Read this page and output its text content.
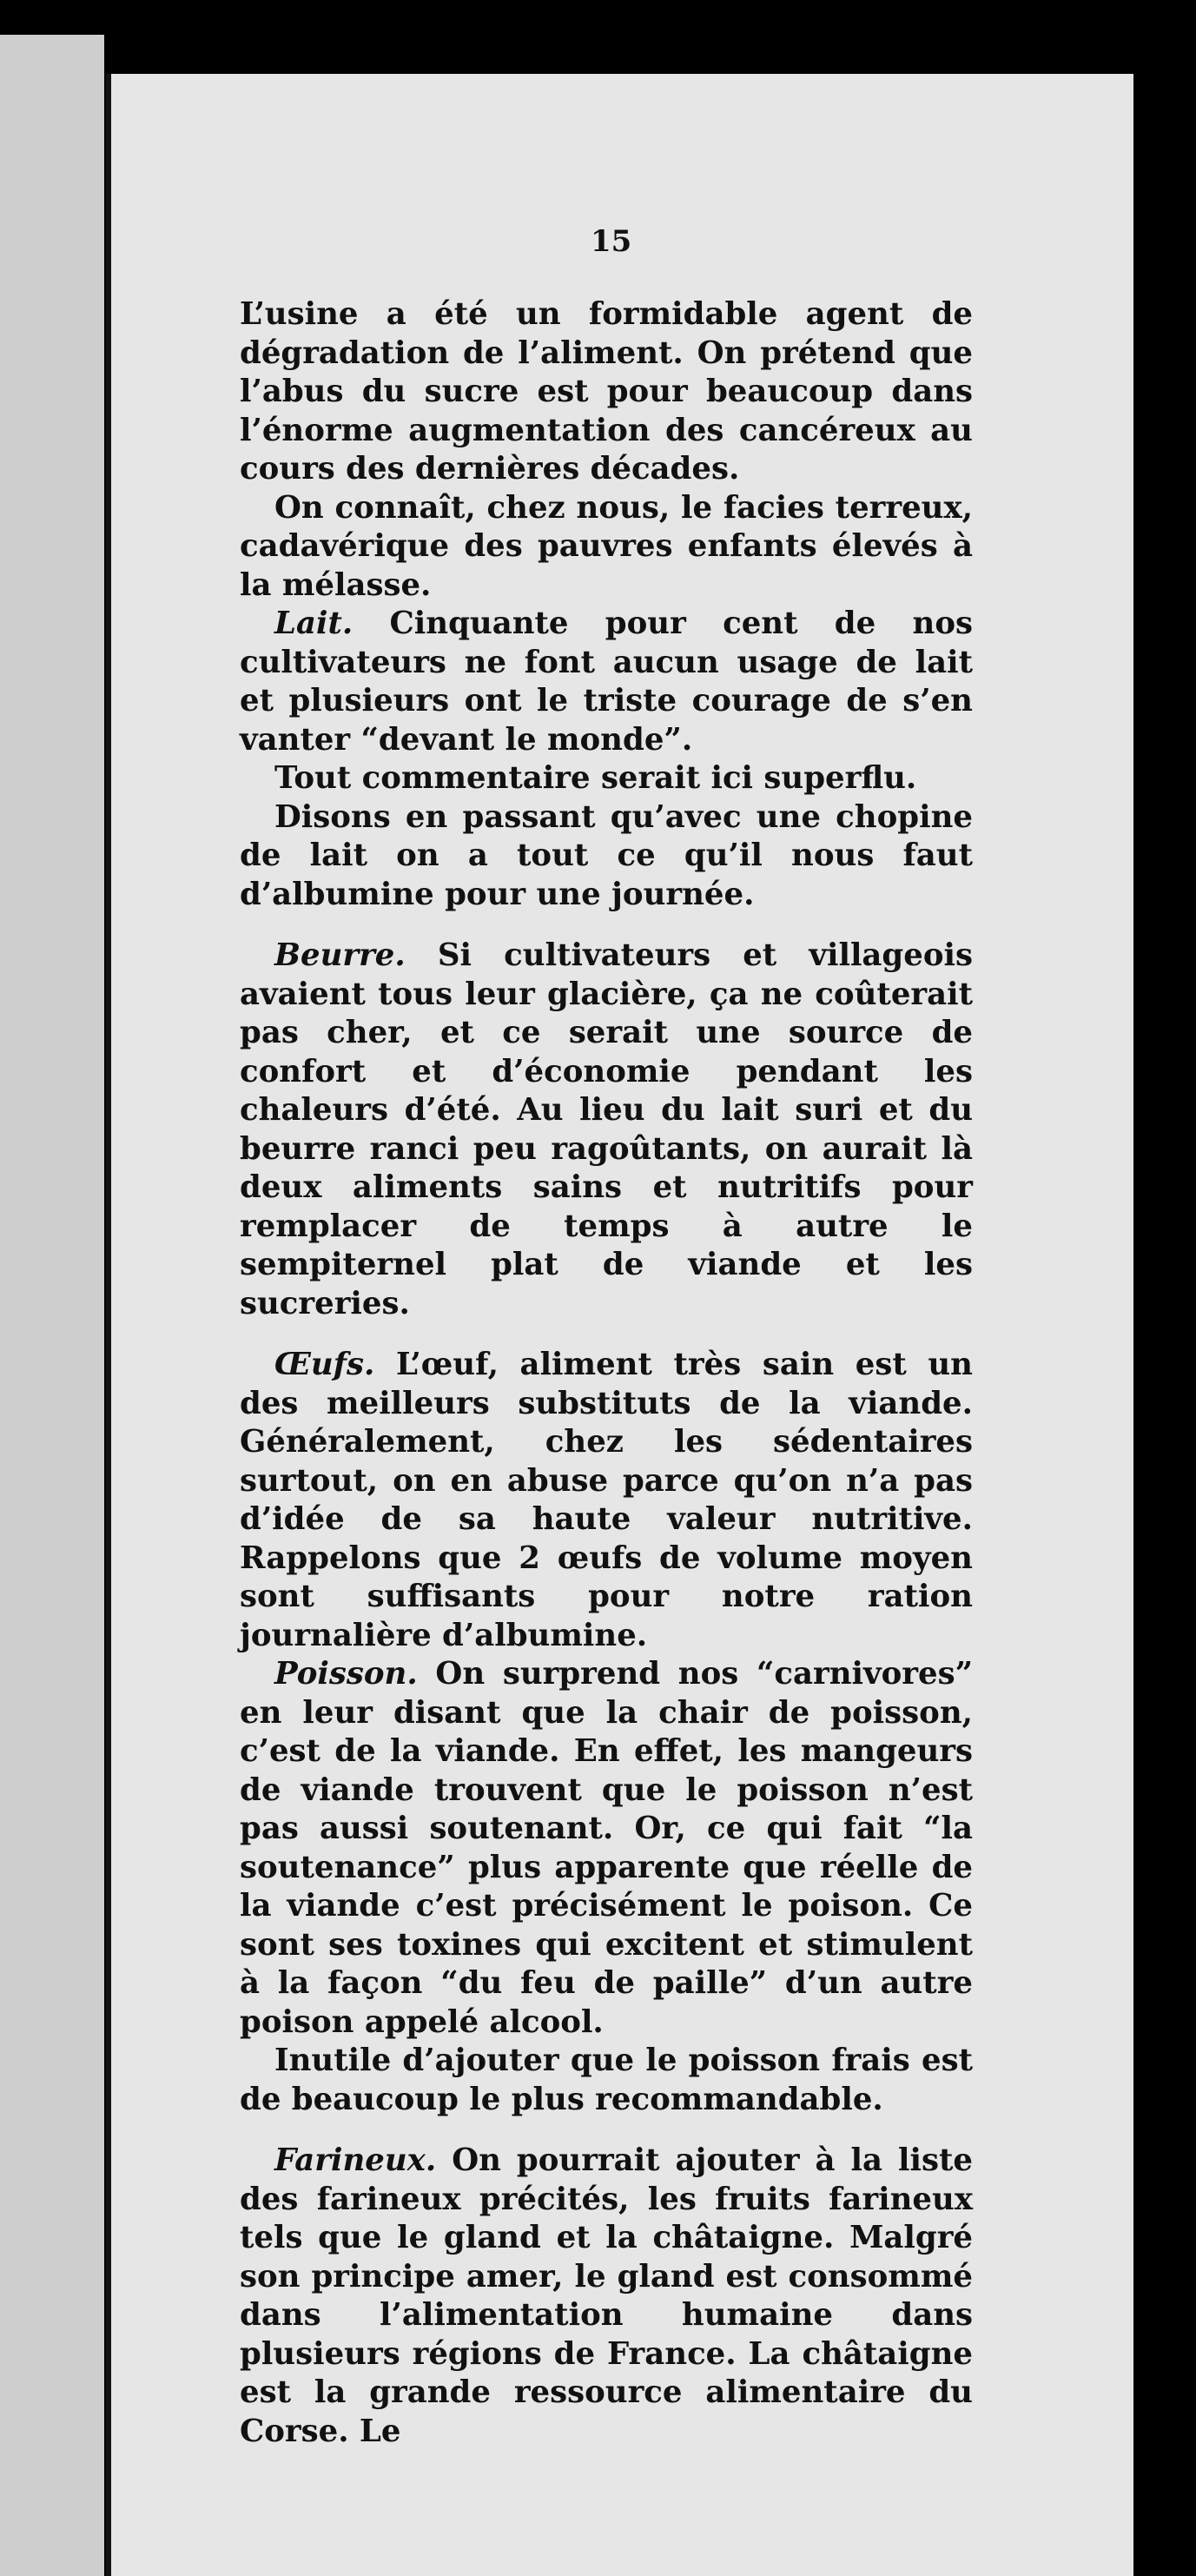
15

L’usine a été un formidable agent de dégradation de l’aliment. On prétend que l’abus du sucre est pour beaucoup dans l’énorme augmentation des cancéreux au cours des dernières décades.

On connaît, chez nous, le facies terreux, cadavérique des pauvres enfants élevés à la mélasse.

Lait. Cinquante pour cent de nos cultivateurs ne font aucun usage de lait et plusieurs ont le triste courage de s’en vanter “devant le monde”.

Tout commentaire serait ici superflu.

Disons en passant qu’avec une chopine de lait on a tout ce qu’il nous faut d’albumine pour une journée.

Beurre. Si cultivateurs et villageois avaient tous leur glacière, ça ne coûterait pas cher, et ce serait une source de confort et d’économie pendant les chaleurs d’été. Au lieu du lait suri et du beurre ranci peu ragoûtants, on aurait là deux aliments sains et nutritifs pour remplacer de temps à autre le sempiternel plat de viande et les sucreries.

Œufs. L’œuf, aliment très sain est un des meilleurs substituts de la viande. Généralement, chez les sédentaires surtout, on en abuse parce qu’on n’a pas d’idée de sa haute valeur nutritive. Rappelons que 2 œufs de volume moyen sont suffisants pour notre ration journalière d’albumine.

Poisson. On surprend nos “carnivores” en leur disant que la chair de poisson, c’est de la viande. En effet, les mangeurs de viande trouvent que le poisson n’est pas aussi soutenant. Or, ce qui fait “la soutenance” plus apparente que réelle de la viande c’est précisément le poison. Ce sont ses toxines qui excitent et stimulent à la façon “du feu de paille” d’un autre poison appelé alcool.

Inutile d’ajouter que le poisson frais est de beaucoup le plus recommandable.

Farineux. On pourrait ajouter à la liste des farineux précités, les fruits farineux tels que le gland et la châtaigne. Malgré son principe amer, le gland est consommé dans l’alimentation humaine dans plusieurs régions de France. La châtaigne est la grande ressource alimentaire du Corse. Le
